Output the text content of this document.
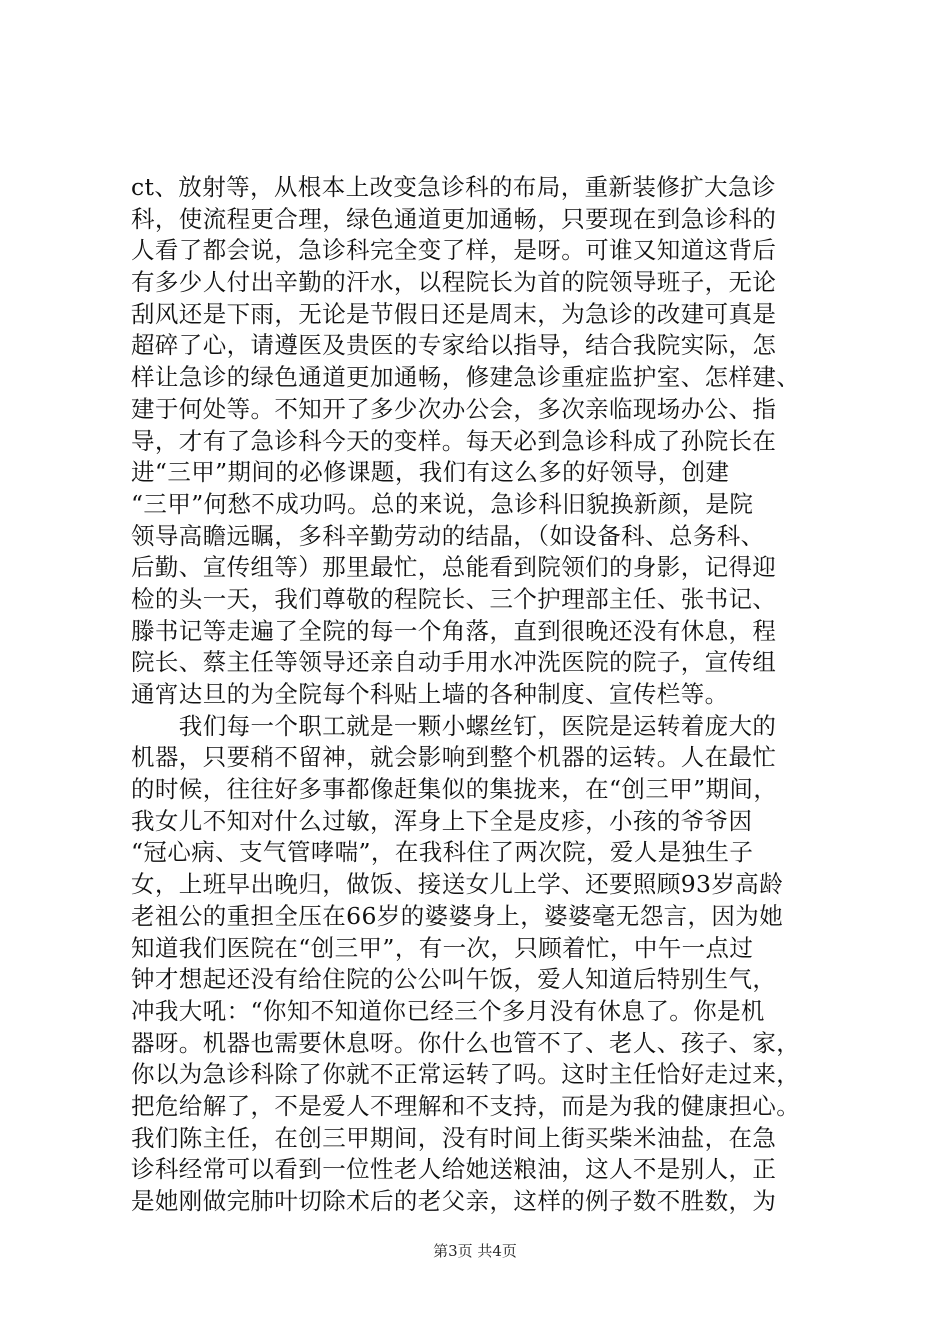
ct、放射等，从根本上改变急诊科的布局，重新装修扩大急诊
科，使流程更合理，绿色通道更加通畅，只要现在到急诊科的
人看了都会说，急诊科完全变了样，是呀。可谁又知道这背后
有多少人付出辛勤的汗水，以程院长为首的院领导班子，无论
刮风还是下雨，无论是节假日还是周末，为急诊的改建可真是
超碎了心，请遵医及贵医的专家给以指导，结合我院实际，怎
样让急诊的绿色通道更加通畅，修建急诊重症监护室、怎样建、
建于何处等。不知开了多少次办公会，多次亲临现场办公、指
导，才有了急诊科今天的变样。每天必到急诊科成了孙院长在
进“三甲”期间的必修课题，我们有这么多的好领导，创建
“三甲”何愁不成功吗。总的来说，急诊科旧貌换新颜，是院
领导高瞻远瞩，多科辛勤劳动的结晶，（如设备科、总务科、
后勤、宣传组等）那里最忙，总能看到院领们的身影，记得迎
检的头一天，我们尊敬的程院长、三个护理部主任、张书记、
滕书记等走遍了全院的每一个角落，直到很晚还没有休息，程
院长、蔡主任等领导还亲自动手用水冲洗医院的院子，宣传组
通宵达旦的为全院每个科贴上墙的各种制度、宣传栏等。
　　我们每一个职工就是一颗小螺丝钉，医院是运转着庞大的
机器，只要稍不留神，就会影响到整个机器的运转。人在最忙
的时候，往往好多事都像赶集似的集拢来，在“创三甲”期间，
我女儿不知对什么过敏，浑身上下全是皮疹，小孩的爷爷因
“冠心病、支气管哮喘”，在我科住了两次院，爱人是独生子
女，上班早出晚归，做饭、接送女儿上学、还要照顾93岁高龄
老祖公的重担全压在66岁的婆婆身上，婆婆毫无怨言，因为她
知道我们医院在“创三甲”，有一次，只顾着忙，中午一点过
钟才想起还没有给住院的公公叫午饭，爱人知道后特别生气，
冲我大吼：“你知不知道你已经三个多月没有休息了。你是机
器呀。机器也需要休息呀。你什么也管不了、老人、孩子、家，
你以为急诊科除了你就不正常运转了吗。这时主任恰好走过来，
把危给解了，不是爱人不理解和不支持，而是为我的健康担心。
我们陈主任，在创三甲期间，没有时间上街买柴米油盐，在急
诊科经常可以看到一位性老人给她送粮油，这人不是别人，正
是她刚做完肺叶切除术后的老父亲，这样的例子数不胜数，为
第3页 共4页
